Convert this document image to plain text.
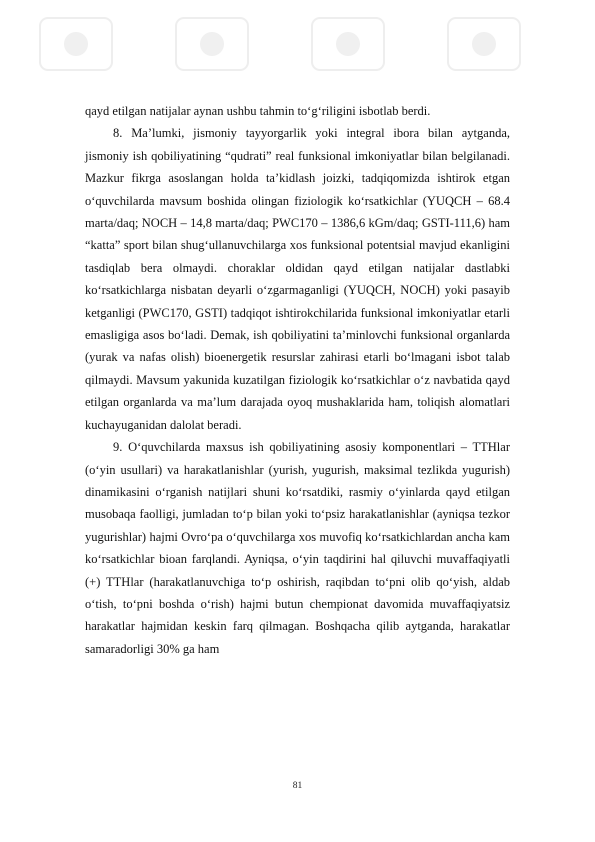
qayd etilgan natijalar aynan ushbu tahmin to‘g‘riligini isbotlab berdi.

8. Ma’lumki, jismoniy tayyorgarlik yoki integral ibora bilan aytganda, jismoniy ish qobiliyatining “qudrati” real funksional imkoniyatlar bilan belgilanadi. Mazkur fikrga asoslangan holda ta’kidlash joizki, tadqiqomizda ishtirok etgan o‘quvchilarda mavsum boshida olingan fiziologik ko‘rsatkichlar (YUQCH – 68.4 marta/daq; NOCH – 14,8 marta/daq; PWC170 – 1386,6 kGm/daq; GSTI-111,6) ham “katta” sport bilan shug‘ullanuvchilarga xos funksional potentsial mavjud ekanligini tasdiqlab bera olmaydi. choraklar oldidan qayd etilgan natijalar dastlabki ko‘rsatkichlarga nisbatan deyarli o‘zgarmaganligi (YUQCH, NOCH) yoki pasayib ketganligi (PWC170, GSTI) tadqiqot ishtirokchilarida funksional imkoniyatlar etarli emasligiga asos bo‘ladi. Demak, ish qobiliyatini ta’minlovchi funksional organlarda (yurak va nafas olish) bioenergetik resurslar zahirasi etarli bo‘lmagani isbot talab qilmaydi. Mavsum yakunida kuzatilgan fiziologik ko‘rsatkichlar o‘z navbatida qayd etilgan organlarda va ma’lum darajada oyoq mushaklarida ham, toliqish alomatlari kuchayuganidan dalolat beradi.

9. O‘quvchilarda maxsus ish qobiliyatining asosiy komponentlari – TTHlar (o‘yin usullari) va harakatlanishlar (yurish, yugurish, maksimal tezlikda yugurish) dinamikasini o‘rganish natijlari shuni ko‘rsatdiki, rasmiy o‘yinlarda qayd etilgan musobaqa faolligi, jumladan to‘p bilan yoki to‘psiz harakatlanishlar (ayniqsa tezkor yugurishlar) hajmi Ovro‘pa o‘quvchilarga xos muvofiq ko‘rsatkichlardan ancha kam ko‘rsatkichlar bioan farqlandi. Ayniqsa, o‘yin taqdirini hal qiluvchi muvaffaqiyatli (+) TTHlar (harakatlanuvchiga to‘p oshirish, raqibdan to‘pni olib qo‘yish, aldab o‘tish, to‘pni boshda o‘rish) hajmi butun chempionat davomida muvaffaqiyatsiz harakatlar hajmidan keskin farq qilmagan. Boshqacha qilib aytganda, harakatlar samaradorligi 30% ga ham

81
